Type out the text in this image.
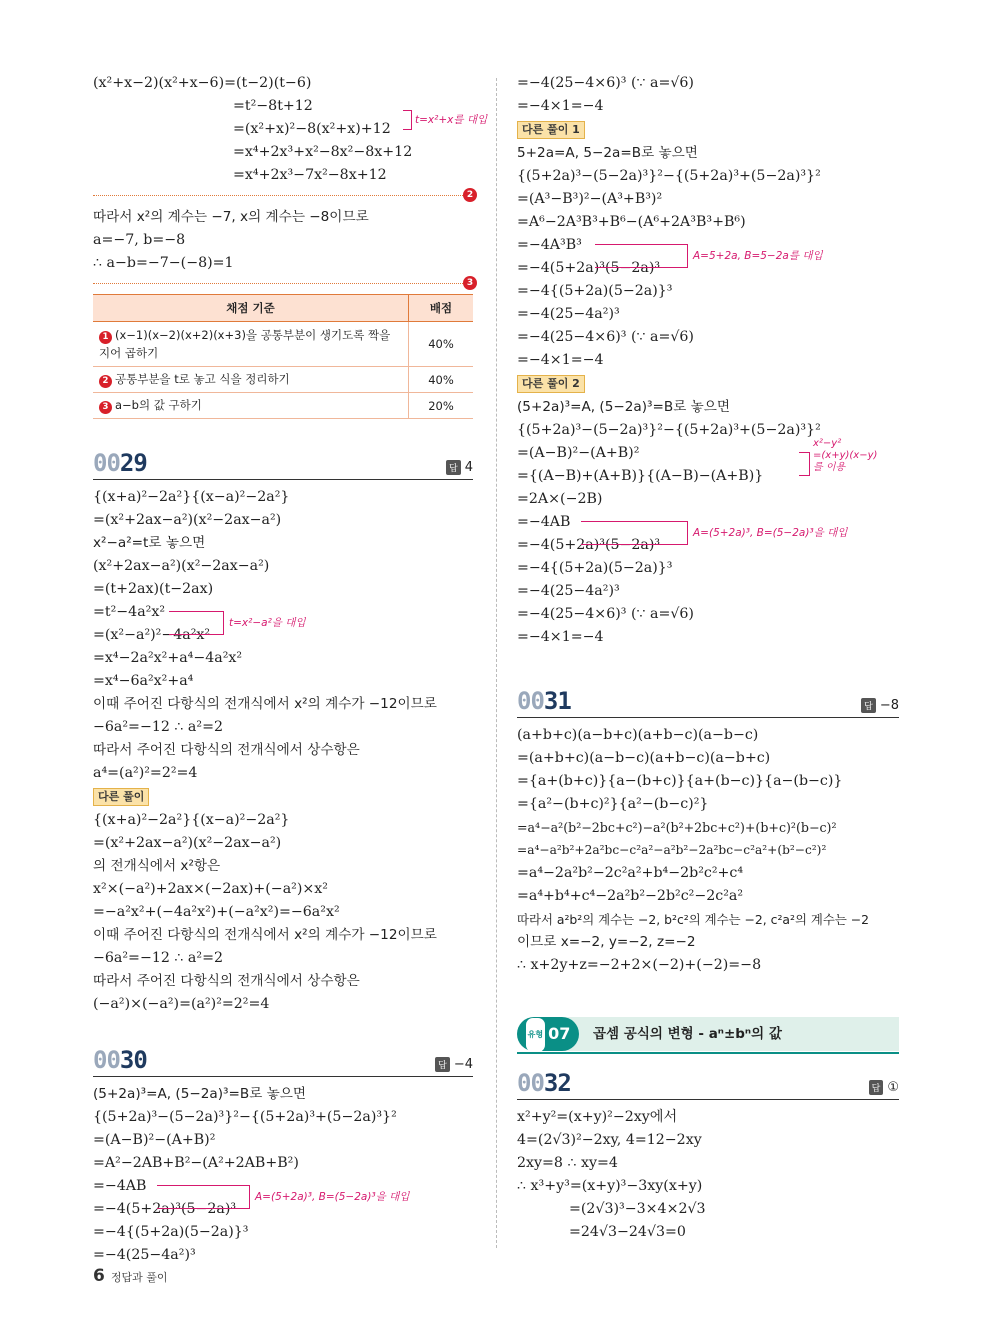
(x²+x−2)(x²+x−6)=(t−2)(t−6)
=t²−8t+12
=(x²+x)²−8(x²+x)+12
=x⁴+2x³+x²−8x²−8x+12
=x⁴+2x³−7x²−8x+12
t=x²+x를 대입
2
따라서 x²의 계수는 −7, x의 계수는 −8이므로
a=−7, b=−8
∴ a−b=−7−(−8)=1
3
채점 기준	배점
1 (x−1)(x−2)(x+2)(x+3)을 공통부분이 생기도록 짝을 지어 곱하기	40%
2 공통부분을 t로 놓고 식을 정리하기	40%
3 a−b의 값 구하기	20%
0029	답 4
{(x+a)²−2a²}{(x−a)²−2a²}
=(x²+2ax−a²)(x²−2ax−a²)
x²−a²=t로 놓으면
(x²+2ax−a²)(x²−2ax−a²)
=(t+2ax)(t−2ax)
=t²−4a²x²
=(x²−a²)²−4a²x²
=x⁴−2a²x²+a⁴−4a²x²
=x⁴−6a²x²+a⁴
이때 주어진 다항식의 전개식에서 x²의 계수가 −12이므로
−6a²=−12 ∴ a²=2
따라서 주어진 다항식의 전개식에서 상수항은
a⁴=(a²)²=2²=4
t=x²−a²을 대입
다른 풀이
{(x+a)²−2a²}{(x−a)²−2a²}
=(x²+2ax−a²)(x²−2ax−a²)
의 전개식에서 x²항은
x²×(−a²)+2ax×(−2ax)+(−a²)×x²
=−a²x²+(−4a²x²)+(−a²x²)=−6a²x²
이때 주어진 다항식의 전개식에서 x²의 계수가 −12이므로
−6a²=−12 ∴ a²=2
따라서 주어진 다항식의 전개식에서 상수항은
(−a²)×(−a²)=(a²)²=2²=4
0030	답 −4
(5+2a)³=A, (5−2a)³=B로 놓으면
{(5+2a)³−(5−2a)³}²−{(5+2a)³+(5−2a)³}²
=(A−B)²−(A+B)²
=A²−2AB+B²−(A²+2AB+B²)
=−4AB
=−4(5+2a)³(5−2a)³
=−4{(5+2a)(5−2a)}³
=−4(25−4a²)³
A=(5+2a)³, B=(5−2a)³을 대입
=−4(25−4×6)³ (∵ a=√6)
=−4×1=−4
다른 풀이 1
5+2a=A, 5−2a=B로 놓으면
{(5+2a)³−(5−2a)³}²−{(5+2a)³+(5−2a)³}²
=(A³−B³)²−(A³+B³)²
=A⁶−2A³B³+B⁶−(A⁶+2A³B³+B⁶)
=−4A³B³
=−4(5+2a)³(5−2a)³
=−4{(5+2a)(5−2a)}³
=−4(25−4a²)³
=−4(25−4×6)³ (∵ a=√6)
=−4×1=−4
A=5+2a, B=5−2a를 대입
다른 풀이 2
(5+2a)³=A, (5−2a)³=B로 놓으면
{(5+2a)³−(5−2a)³}²−{(5+2a)³+(5−2a)³}²
=(A−B)²−(A+B)²
={(A−B)+(A+B)}{(A−B)−(A+B)}
=2A×(−2B)
=−4AB
=−4(5+2a)³(5−2a)³
=−4{(5+2a)(5−2a)}³
=−4(25−4a²)³
=−4(25−4×6)³ (∵ a=√6)
=−4×1=−4
x²−y²
=(x+y)(x−y)
를 이용
A=(5+2a)³, B=(5−2a)³을 대입
0031	답 −8
(a+b+c)(a−b+c)(a+b−c)(a−b−c)
=(a+b+c)(a−b−c)(a+b−c)(a−b+c)
={a+(b+c)}{a−(b+c)}{a+(b−c)}{a−(b−c)}
={a²−(b+c)²}{a²−(b−c)²}
=a⁴−a²(b²−2bc+c²)−a²(b²+2bc+c²)+(b+c)²(b−c)²
=a⁴−a²b²+2a²bc−c²a²−a²b²−2a²bc−c²a²+(b²−c²)²
=a⁴−2a²b²−2c²a²+b⁴−2b²c²+c⁴
=a⁴+b⁴+c⁴−2a²b²−2b²c²−2c²a²
따라서 a²b²의 계수는 −2, b²c²의 계수는 −2, c²a²의 계수는 −2
이므로 x=−2, y=−2, z=−2
∴ x+2y+z=−2+2×(−2)+(−2)=−8
유형 07	곱셈 공식의 변형 - aⁿ±bⁿ의 값
0032	답 ①
x²+y²=(x+y)²−2xy에서
4=(2√3)²−2xy, 4=12−2xy
2xy=8 ∴ xy=4
∴ x³+y³=(x+y)³−3xy(x+y)
=(2√3)³−3×4×2√3
=24√3−24√3=0
6 정답과 풀이
